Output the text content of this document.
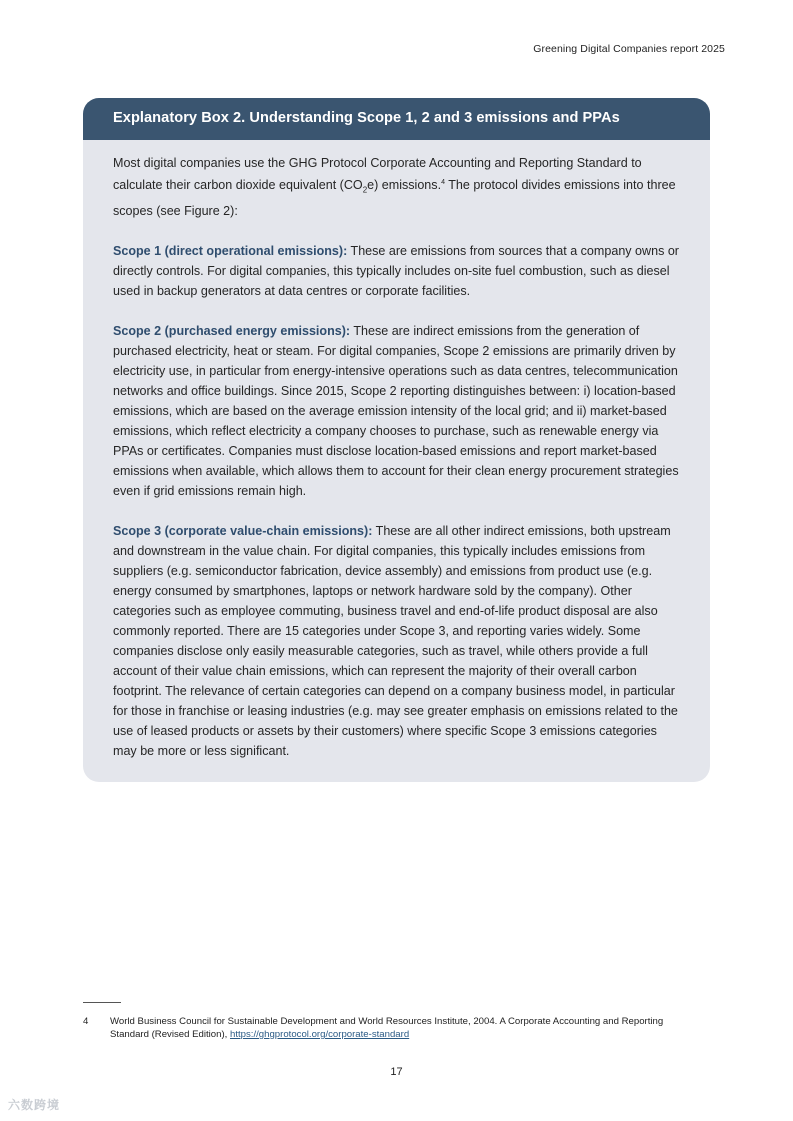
Greening Digital Companies report 2025
Explanatory Box 2. Understanding Scope 1, 2 and 3 emissions and PPAs

Most digital companies use the GHG Protocol Corporate Accounting and Reporting Standard to calculate their carbon dioxide equivalent $(CO_2e)$ emissions.$^4$ The protocol divides emissions into three scopes (see Figure 2):

Scope 1 (direct operational emissions): These are emissions from sources that a company owns or directly controls. For digital companies, this typically includes on-site fuel combustion, such as diesel used in backup generators at data centres or corporate facilities.

Scope 2 (purchased energy emissions): These are indirect emissions from the generation of purchased electricity, heat or steam. For digital companies, Scope 2 emissions are primarily driven by electricity use, in particular from energy-intensive operations such as data centres, telecommunication networks and office buildings. Since 2015, Scope 2 reporting distinguishes between: i) location-based emissions, which are based on the average emission intensity of the local grid; and ii) market-based emissions, which reflect electricity a company chooses to purchase, such as renewable energy via PPAs or certificates. Companies must disclose location-based emissions and report market-based emissions when available, which allows them to account for their clean energy procurement strategies even if grid emissions remain high.

Scope 3 (corporate value-chain emissions): These are all other indirect emissions, both upstream and downstream in the value chain. For digital companies, this typically includes emissions from suppliers (e.g. semiconductor fabrication, device assembly) and emissions from product use (e.g. energy consumed by smartphones, laptops or network hardware sold by the company). Other categories such as employee commuting, business travel and end-of-life product disposal are also commonly reported. There are 15 categories under Scope 3, and reporting varies widely. Some companies disclose only easily measurable categories, such as travel, while others provide a full account of their value chain emissions, which can represent the majority of their overall carbon footprint. The relevance of certain categories can depend on a company business model, in particular for those in franchise or leasing industries (e.g. may see greater emphasis on emissions related to the use of leased products or assets by their customers) where specific Scope 3 emissions categories may be more or less significant.

4 World Business Council for Sustainable Development and World Resources Institute, 2004. A Corporate Accounting and Reporting Standard (Revised Edition), https://ghgprotocol.org/corporate-standard
17
六数跨境
